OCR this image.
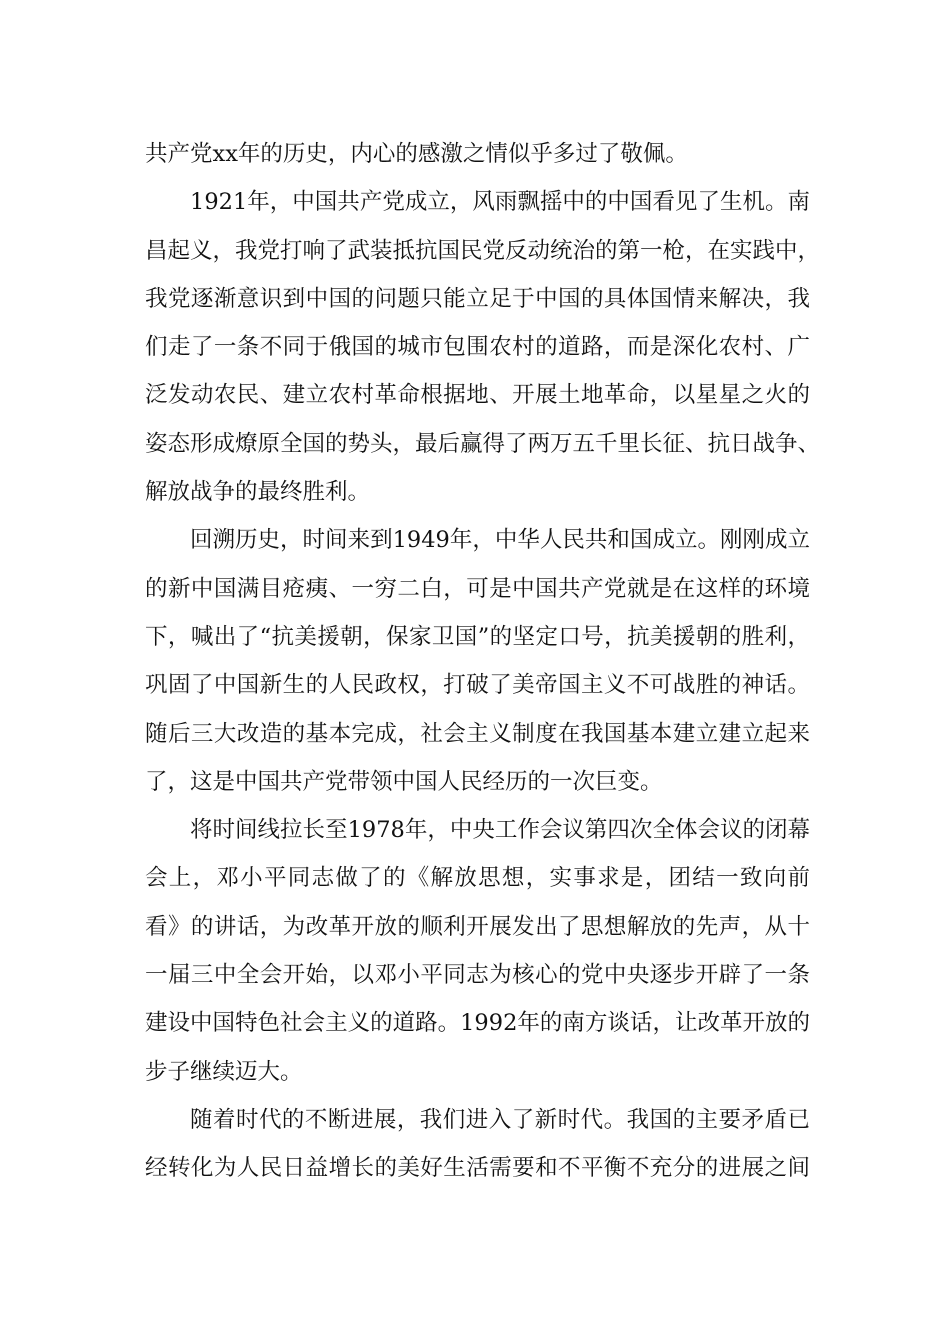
共产党xx年的历史，内心的感激之情似乎多过了敬佩。
1921年，中国共产党成立，风雨飘摇中的中国看见了生机。南
昌起义，我党打响了武装抵抗国民党反动统治的第一枪，在实践中，
我党逐渐意识到中国的问题只能立足于中国的具体国情来解决，我
们走了一条不同于俄国的城市包围农村的道路，而是深化农村、广
泛发动农民、建立农村革命根据地、开展土地革命，以星星之火的
姿态形成燎原全国的势头，最后赢得了两万五千里长征、抗日战争、
解放战争的最终胜利。
回溯历史，时间来到1949年，中华人民共和国成立。刚刚成立
的新中国满目疮痍、一穷二白，可是中国共产党就是在这样的环境
下，喊出了“抗美援朝，保家卫国”的坚定口号，抗美援朝的胜利，
巩固了中国新生的人民政权，打破了美帝国主义不可战胜的神话。
随后三大改造的基本完成，社会主义制度在我国基本建立建立起来
了，这是中国共产党带领中国人民经历的一次巨变。
将时间线拉长至1978年，中央工作会议第四次全体会议的闭幕
会上，邓小平同志做了的《解放思想，实事求是，团结一致向前
看》的讲话，为改革开放的顺利开展发出了思想解放的先声，从十
一届三中全会开始，以邓小平同志为核心的党中央逐步开辟了一条
建设中国特色社会主义的道路。1992年的南方谈话，让改革开放的
步子继续迈大。
随着时代的不断进展，我们进入了新时代。我国的主要矛盾已
经转化为人民日益增长的美好生活需要和不平衡不充分的进展之间
